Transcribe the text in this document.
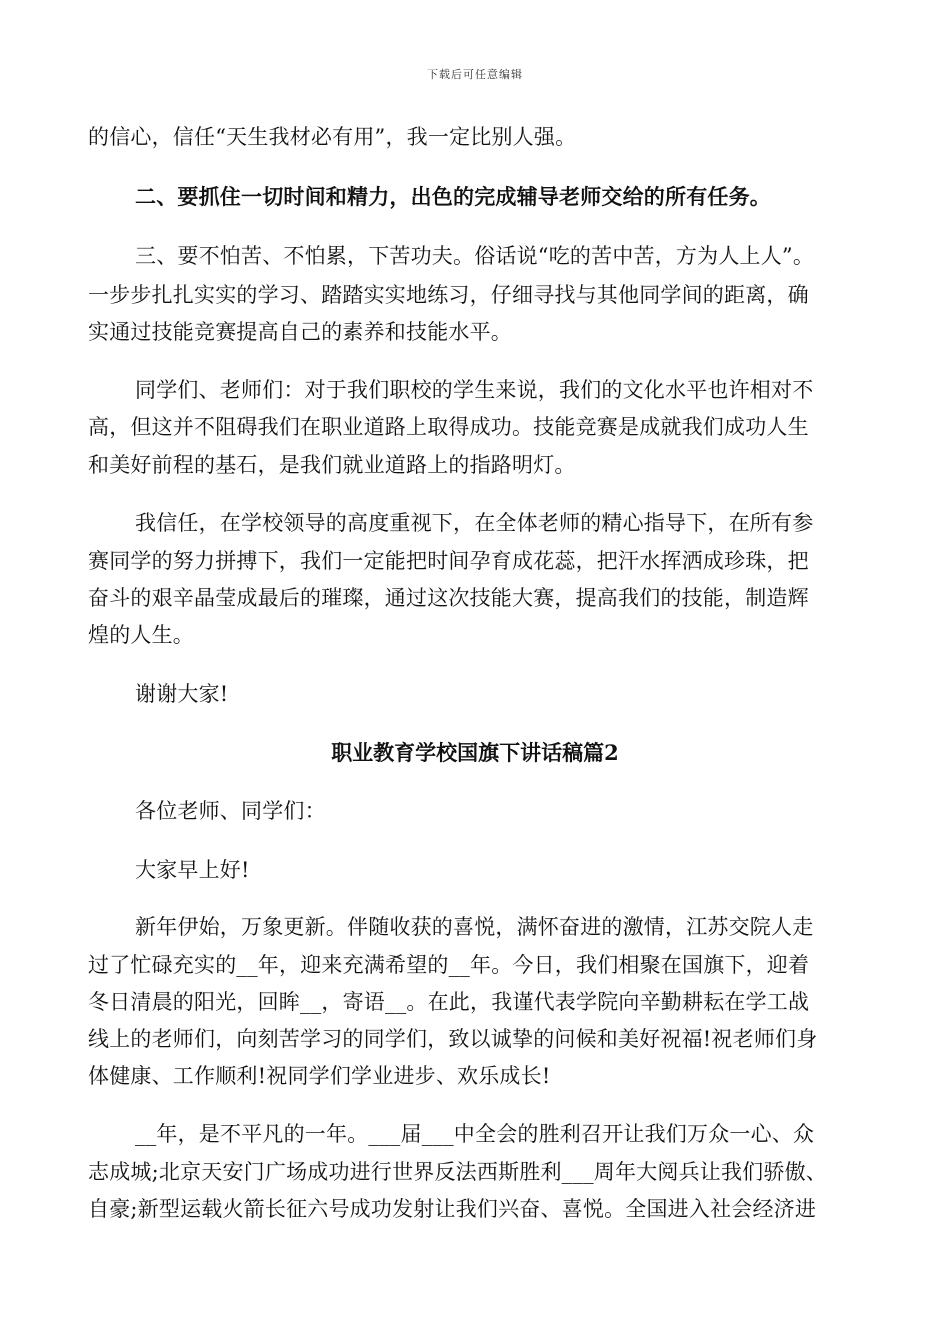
下载后可任意编辑
的信心，信任“天生我材必有用”，我一定比别人强。
二、要抓住一切时间和精力，出色的完成辅导老师交给的所有任务。
三、要不怕苦、不怕累，下苦功夫。俗话说“吃的苦中苦，方为人上人”。
一步步扎扎实实的学习、踏踏实实地练习，仔细寻找与其他同学间的距离，确
实通过技能竞赛提高自己的素养和技能水平。
同学们、老师们：对于我们职校的学生来说，我们的文化水平也许相对不
高，但这并不阻碍我们在职业道路上取得成功。技能竞赛是成就我们成功人生
和美好前程的基石，是我们就业道路上的指路明灯。
我信任，在学校领导的高度重视下，在全体老师的精心指导下，在所有参
赛同学的努力拼搏下，我们一定能把时间孕育成花蕊，把汗水挥洒成珍珠，把
奋斗的艰辛晶莹成最后的璀璨，通过这次技能大赛，提高我们的技能，制造辉
煌的人生。
谢谢大家!
职业教育学校国旗下讲话稿篇2
各位老师、同学们：
大家早上好!
新年伊始，万象更新。伴随收获的喜悦，满怀奋进的激情，江苏交院人走
过了忙碌充实的__年，迎来充满希望的__年。今日，我们相聚在国旗下，迎着
冬日清晨的阳光，回眸__，寄语__。在此，我谨代表学院向辛勤耕耘在学工战
线上的老师们，向刻苦学习的同学们，致以诚挚的问候和美好祝福!祝老师们身
体健康、工作顺利!祝同学们学业进步、欢乐成长!
__年，是不平凡的一年。___届___中全会的胜利召开让我们万众一心、众
志成城;北京天安门广场成功进行世界反法西斯胜利___周年大阅兵让我们骄傲、
自豪;新型运载火箭长征六号成功发射让我们兴奋、喜悦。全国进入社会经济进
